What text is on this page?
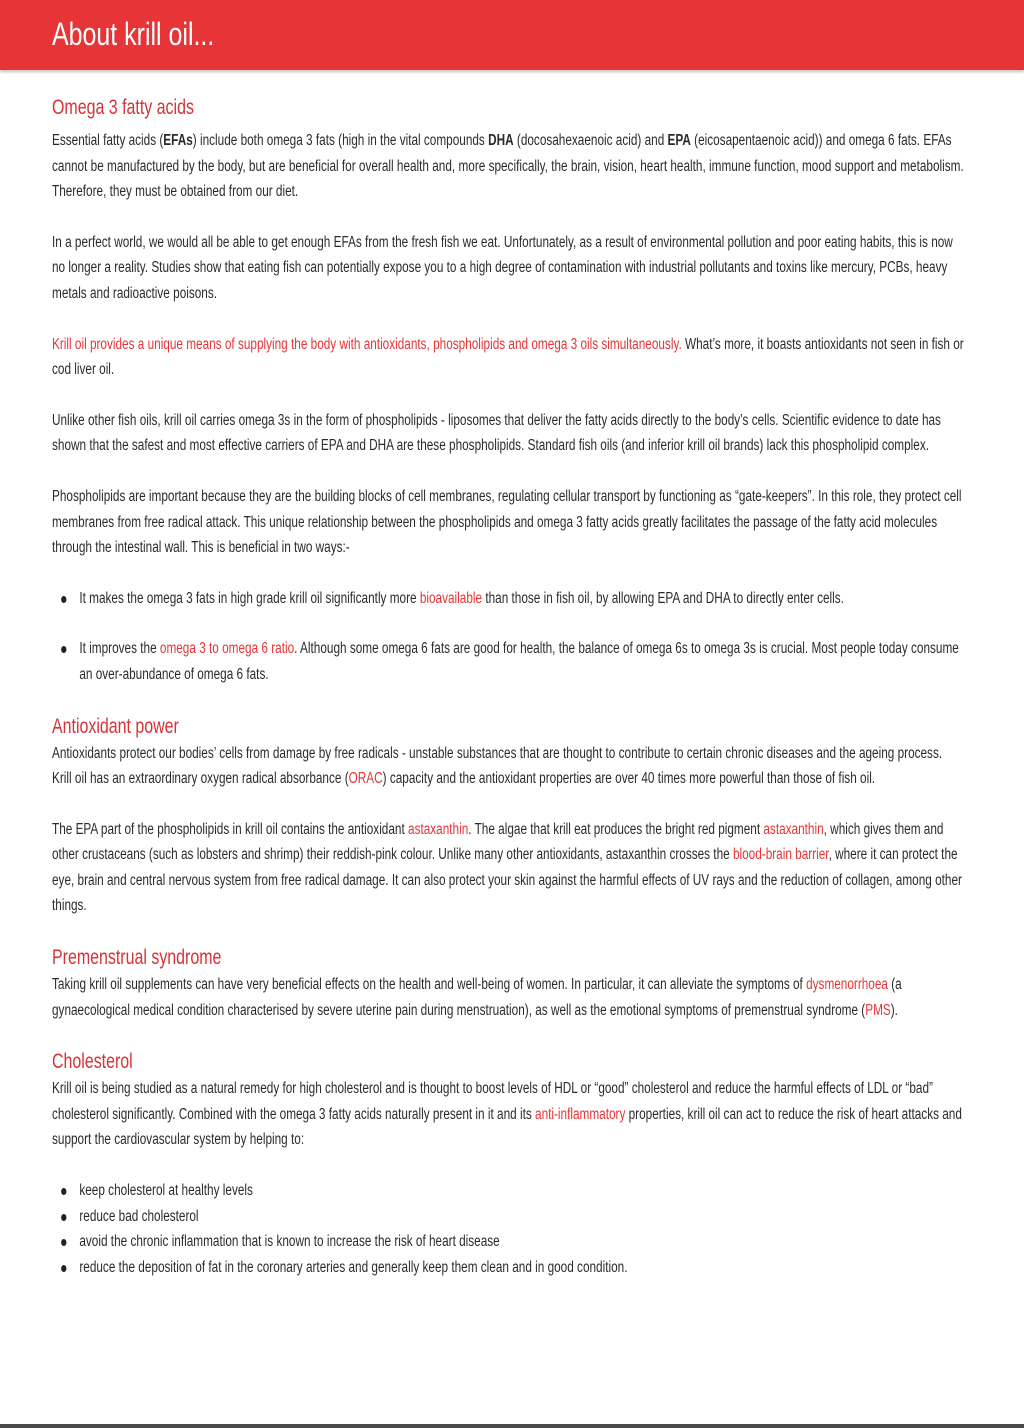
About krill oil...
Omega 3 fatty acids

Essential fatty acids (EFAs) include both omega 3 fats (high in the vital compounds DHA (docosahexaenoic acid) and EPA (eicosapentaenoic acid)) and omega 6 fats. EFAs cannot be manufactured by the body, but are beneficial for overall health and, more specifically, the brain, vision, heart health, immune function, mood support and metabolism. Therefore, they must be obtained from our diet.

In a perfect world, we would all be able to get enough EFAs from the fresh fish we eat. Unfortunately, as a result of environmental pollution and poor eating habits, this is now no longer a reality. Studies show that eating fish can potentially expose you to a high degree of contamination with industrial pollutants and toxins like mercury, PCBs, heavy metals and radioactive poisons.

Krill oil provides a unique means of supplying the body with antioxidants, phospholipids and omega 3 oils simultaneously. What’s more, it boasts antioxidants not seen in fish or cod liver oil.

Unlike other fish oils, krill oil carries omega 3s in the form of phospholipids - liposomes that deliver the fatty acids directly to the body’s cells. Scientific evidence to date has shown that the safest and most effective carriers of EPA and DHA are these phospholipids. Standard fish oils (and inferior krill oil brands) lack this phospholipid complex.

Phospholipids are important because they are the building blocks of cell membranes, regulating cellular transport by functioning as “gate-keepers”. In this role, they protect cell membranes from free radical attack. This unique relationship between the phospholipids and omega 3 fatty acids greatly facilitates the passage of the fatty acid molecules through the intestinal wall. This is beneficial in two ways:-

It makes the omega 3 fats in high grade krill oil significantly more bioavailable than those in fish oil, by allowing EPA and DHA to directly enter cells.
It improves the omega 3 to omega 6 ratio. Although some omega 6 fats are good for health, the balance of omega 6s to omega 3s is crucial. Most people today consume an over-abundance of omega 6 fats.
Antioxidant power

Antioxidants protect our bodies’ cells from damage by free radicals - unstable substances that are thought to contribute to certain chronic diseases and the ageing process. Krill oil has an extraordinary oxygen radical absorbance (ORAC) capacity and the antioxidant properties are over 40 times more powerful than those of fish oil.

The EPA part of the phospholipids in krill oil contains the antioxidant astaxanthin. The algae that krill eat produces the bright red pigment astaxanthin, which gives them and other crustaceans (such as lobsters and shrimp) their reddish-pink colour. Unlike many other antioxidants, astaxanthin crosses the blood-brain barrier, where it can protect the eye, brain and central nervous system from free radical damage. It can also protect your skin against the harmful effects of UV rays and the reduction of collagen, among other things.

Premenstrual syndrome

Taking krill oil supplements can have very beneficial effects on the health and well-being of women. In particular, it can alleviate the symptoms of dysmenorrhoea (a gynaecological medical condition characterised by severe uterine pain during menstruation), as well as the emotional symptoms of premenstrual syndrome (PMS).

Cholesterol

Krill oil is being studied as a natural remedy for high cholesterol and is thought to boost levels of HDL or “good” cholesterol and reduce the harmful effects of LDL or “bad” cholesterol significantly. Combined with the omega 3 fatty acids naturally present in it and its anti-inflammatory properties, krill oil can act to reduce the risk of heart attacks and support the cardiovascular system by helping to:

keep cholesterol at healthy levels
reduce bad cholesterol
avoid the chronic inflammation that is known to increase the risk of heart disease
reduce the deposition of fat in the coronary arteries and generally keep them clean and in good condition.
